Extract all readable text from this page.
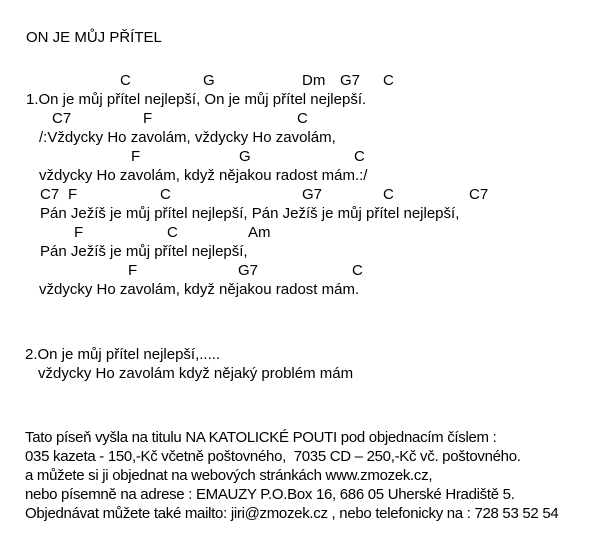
ON JE MŮJ PŘÍTEL
C	G	Dm G7 C
1.On je můj přítel nejlepší, On je můj přítel nejlepší.
C7	F	C
/:Vždycky Ho zavolám, vždycky Ho zavolám,
F	G	C
vždycky Ho zavolám, když nějakou radost mám.:/
C7 F	C	G7	C	C7
Pán Ježíš je můj přítel nejlepší, Pán Ježíš je můj přítel nejlepší,
F	C	Am
Pán Ježíš je můj přítel nejlepší,
F	G7	C
vždycky Ho zavolám, když nějakou radost mám.
2.On je můj přítel nejlepší,.....
vždycky Ho zavolám když nějaký problém mám
Tato píseň vyšla na titulu NA KATOLICKÉ POUTI pod objednacím číslem :
035 kazeta - 150,-Kč včetně poštovného,  7035 CD – 250,-Kč vč. poštovného.
a můžete si ji objednat na webových stránkách www.zmozek.cz,
nebo písemně na adrese : EMAUZY P.O.Box 16, 686 05 Uherské Hradiště 5.
Objednávat můžete také mailto: jiri@zmozek.cz , nebo telefonicky na : 728 53 52 54
